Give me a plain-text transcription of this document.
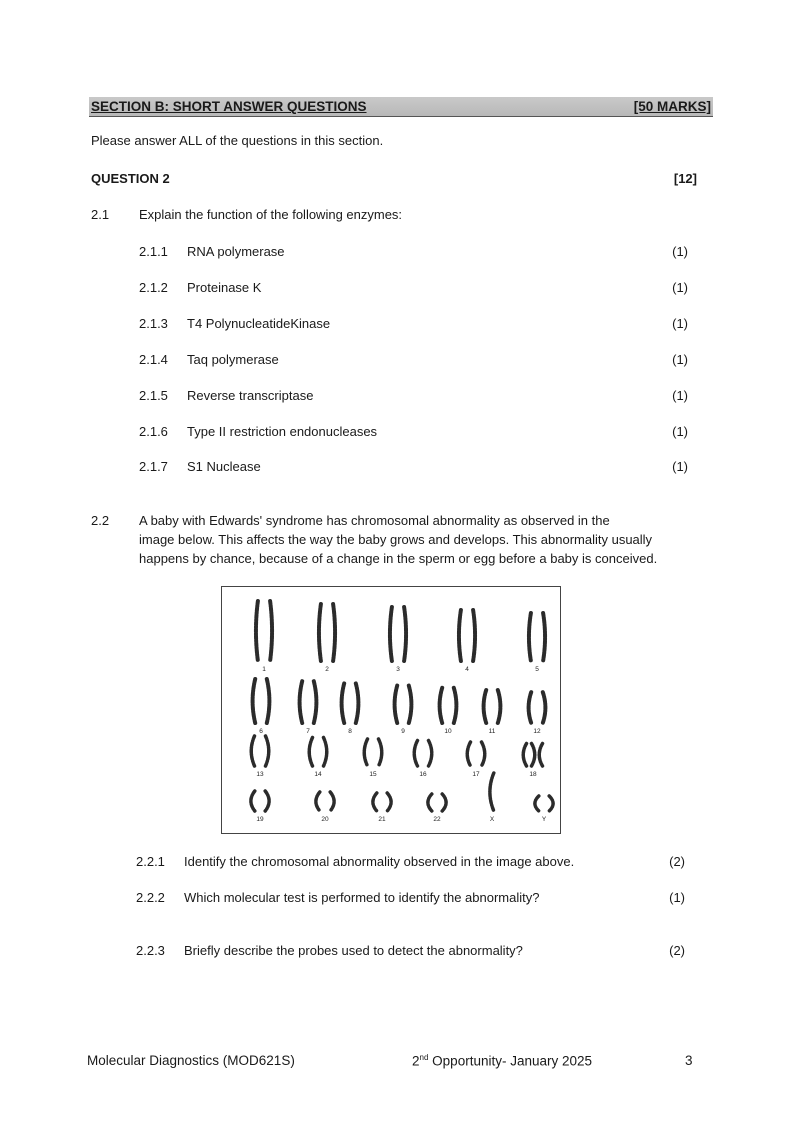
SECTION B: SHORT ANSWER QUESTIONS	[50 MARKS]
Please answer ALL of the questions in this section.
QUESTION 2	[12]
2.1 Explain the function of the following enzymes:
2.1.1 RNA polymerase	(1)
2.1.2 Proteinase K	(1)
2.1.3 T4 PolynucleatideKinase	(1)
2.1.4 Taq polymerase	(1)
2.1.5 Reverse transcriptase	(1)
2.1.6 Type II restriction endonucleases	(1)
2.1.7 S1 Nuclease	(1)
2.2 A baby with Edwards' syndrome has chromosomal abnormality as observed in the
image below. This affects the way the baby grows and develops. This abnormality usually
happens by chance, because of a change in the sperm or egg before a baby is conceived.
1	2	3	4	5
6	7	8	9	10	11	12
13	14	15	16	17	18
19	20	21	22	X	Y
2.2.1 Identify the chromosomal abnormality observed in the image above.	(2)
2.2.2 Which molecular test is performed to identify the abnormality?	(1)
2.2.3 Briefly describe the probes used to detect the abnormality?	(2)
Molecular Diagnostics (MOD621S)	2nd Opportunity- January 2025	3
